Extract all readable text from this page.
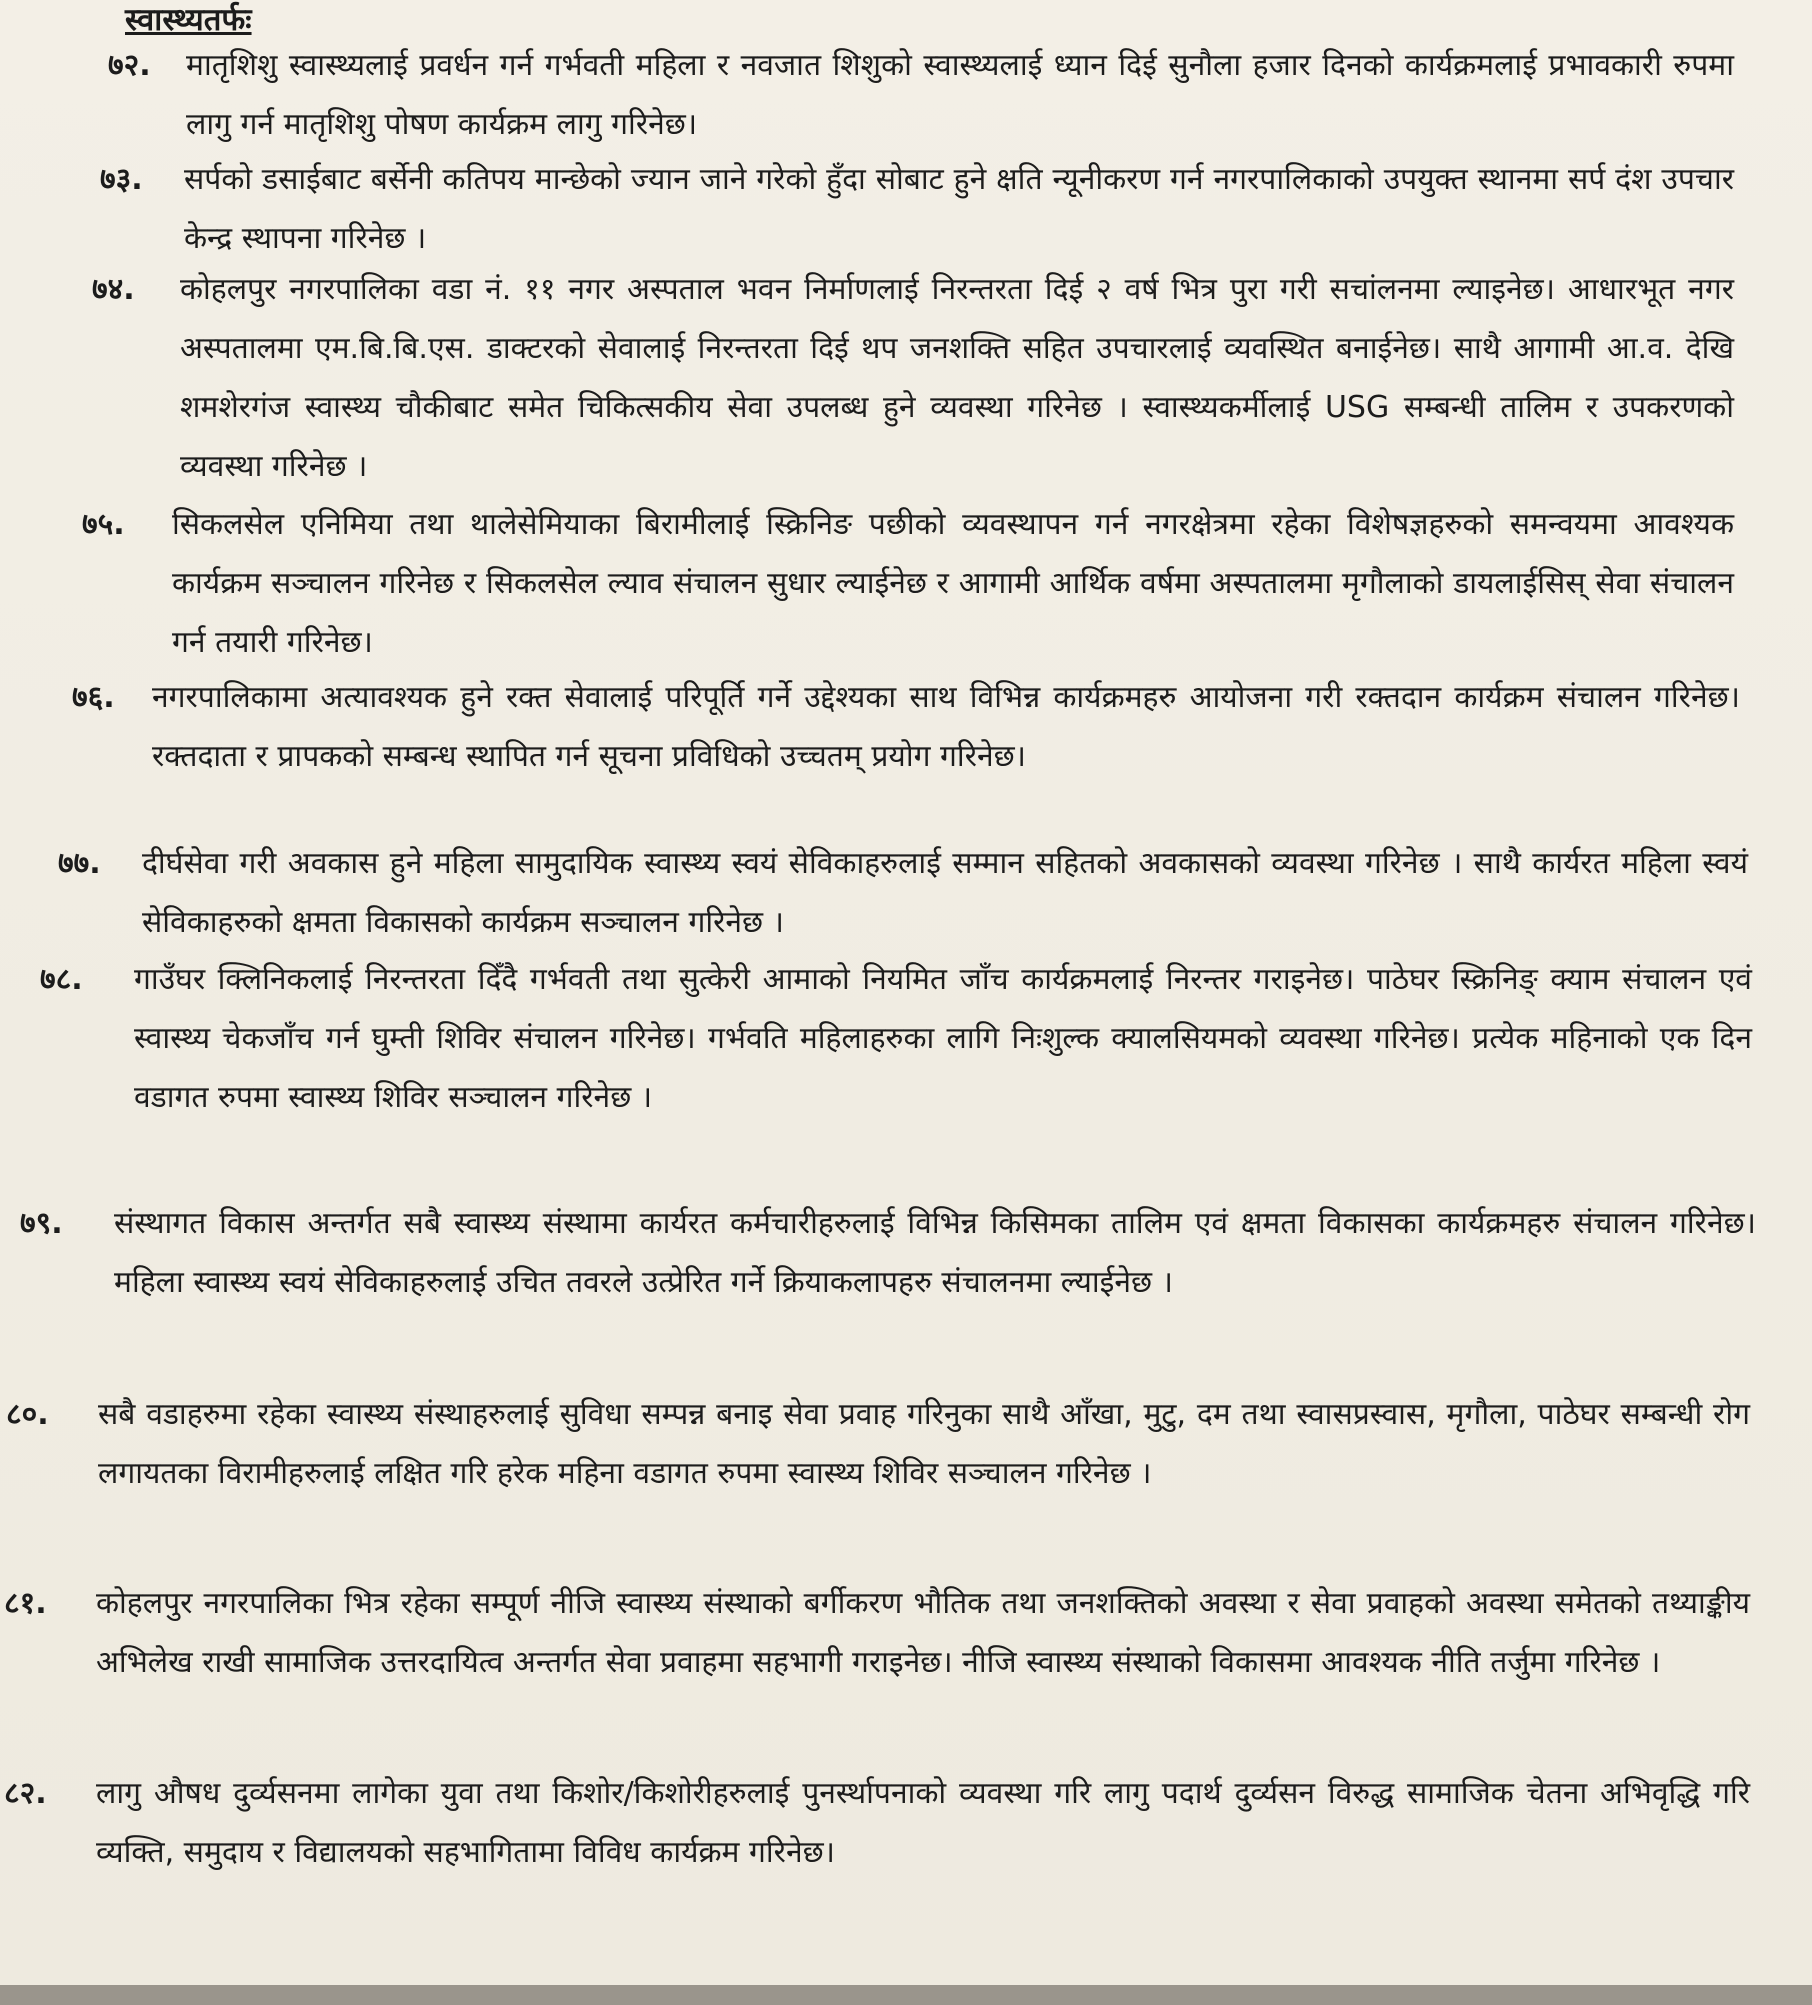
स्वास्थ्यतर्फः
७२.	मातृशिशु स्वास्थ्यलाई प्रवर्धन गर्न गर्भवती महिला र नवजात शिशुको स्वास्थ्यलाई ध्यान दिई सुनौला हजार दिनको कार्यक्रमलाई प्रभावकारी रुपमा लागु गर्न मातृशिशु पोषण कार्यक्रम लागु गरिनेछ।
७३.	सर्पको डसाईबाट बर्सेनी कतिपय मान्छेको ज्यान जाने गरेको हुँदा सोबाट हुने क्षति न्यूनीकरण गर्न नगरपालिकाको उपयुक्त स्थानमा सर्प दंश उपचार केन्द्र स्थापना गरिनेछ ।
७४.	कोहलपुर नगरपालिका वडा नं. ११ नगर अस्पताल भवन निर्माणलाई निरन्तरता दिई २ वर्ष भित्र पुरा गरी सचांलनमा ल्याइनेछ। आधारभूत नगर अस्पतालमा एम.बि.बि.एस. डाक्टरको सेवालाई निरन्तरता दिई थप जनशक्ति सहित उपचारलाई व्यवस्थित बनाईनेछ। साथै आगामी आ.व. देखि शमशेरगंज स्वास्थ्य चौकीबाट समेत चिकित्सकीय सेवा उपलब्ध हुने व्यवस्था गरिनेछ । स्वास्थ्यकर्मीलाई USG सम्बन्धी तालिम र उपकरणको व्यवस्था गरिनेछ ।
७५.	सिकलसेल एनिमिया तथा थालेसेमियाका बिरामीलाई स्क्रिनिङ पछीको व्यवस्थापन गर्न नगरक्षेत्रमा रहेका विशेषज्ञहरुको समन्वयमा आवश्यक कार्यक्रम सञ्चालन गरिनेछ र सिकलसेल ल्याव संचालन सुधार ल्याईनेछ र आगामी आर्थिक वर्षमा अस्पतालमा मृगौलाको डायलाईसिस् सेवा संचालन गर्न तयारी गरिनेछ।
७६.	नगरपालिकामा अत्यावश्यक हुने रक्त सेवालाई परिपूर्ति गर्ने उद्देश्यका साथ विभिन्न कार्यक्रमहरु आयोजना गरी रक्तदान कार्यक्रम संचालन गरिनेछ। रक्तदाता र प्रापकको सम्बन्ध स्थापित गर्न सूचना प्रविधिको उच्चतम् प्रयोग गरिनेछ।
७७.	दीर्घसेवा गरी अवकास हुने महिला सामुदायिक स्वास्थ्य स्वयं सेविकाहरुलाई सम्मान सहितको अवकासको व्यवस्था गरिनेछ । साथै कार्यरत महिला स्वयं सेविकाहरुको क्षमता विकासको कार्यक्रम सञ्चालन गरिनेछ ।
७८.	गाउँघर क्लिनिकलाई निरन्तरता दिँदै गर्भवती तथा सुत्केरी आमाको नियमित जाँच कार्यक्रमलाई निरन्तर गराइनेछ। पाठेघर स्क्रिनिङ् क्याम संचालन एवं स्वास्थ्य चेकजाँच गर्न घुम्ती शिविर संचालन गरिनेछ। गर्भवति महिलाहरुका लागि निःशुल्क क्यालसियमको व्यवस्था गरिनेछ। प्रत्येक महिनाको एक दिन वडागत रुपमा स्वास्थ्य शिविर सञ्चालन गरिनेछ ।
७९.	संस्थागत विकास अन्तर्गत सबै स्वास्थ्य संस्थामा कार्यरत कर्मचारीहरुलाई विभिन्न किसिमका तालिम एवं क्षमता विकासका कार्यक्रमहरु संचालन गरिनेछ। महिला स्वास्थ्य स्वयं सेविकाहरुलाई उचित तवरले उत्प्रेरित गर्ने क्रियाकलापहरु संचालनमा ल्याईनेछ ।
८०.	सबै वडाहरुमा रहेका स्वास्थ्य संस्थाहरुलाई सुविधा सम्पन्न बनाइ सेवा प्रवाह गरिनुका साथै आँखा, मुटु, दम तथा स्वासप्रस्वास, मृगौला, पाठेघर सम्बन्धी रोग लगायतका विरामीहरुलाई लक्षित गरि हरेक महिना वडागत रुपमा स्वास्थ्य शिविर सञ्चालन गरिनेछ ।
८१.	कोहलपुर नगरपालिका भित्र रहेका सम्पूर्ण नीजि स्वास्थ्य संस्थाको बर्गीकरण भौतिक तथा जनशक्तिको अवस्था र सेवा प्रवाहको अवस्था समेतको तथ्याङ्कीय अभिलेख राखी सामाजिक उत्तरदायित्व अन्तर्गत सेवा प्रवाहमा सहभागी गराइनेछ। नीजि स्वास्थ्य संस्थाको विकासमा आवश्यक नीति तर्जुमा गरिनेछ ।
८२.	लागु औषध दुर्व्यसनमा लागेका युवा तथा किशोर/किशोरीहरुलाई पुनर्स्थापनाको व्यवस्था गरि लागु पदार्थ दुर्व्यसन विरुद्ध सामाजिक चेतना अभिवृद्धि गरि व्यक्ति, समुदाय र विद्यालयको सहभागितामा विविध कार्यक्रम गरिनेछ।
